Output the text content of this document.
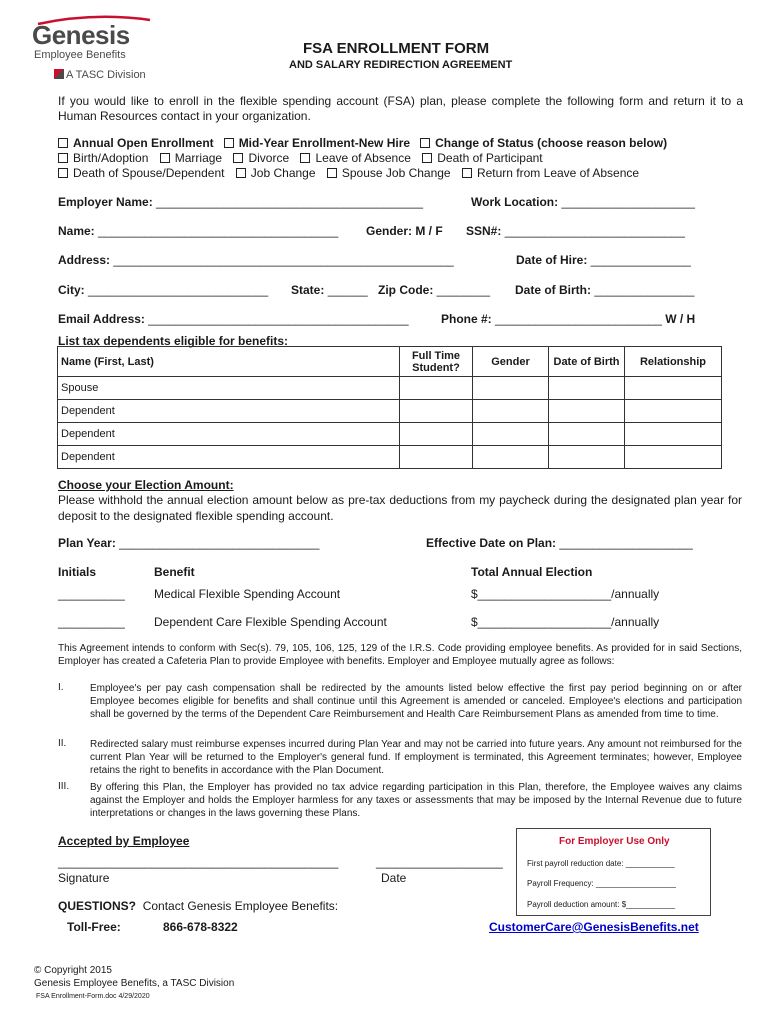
Genesis
Employee Benefits
A TASC Division
FSA ENROLLMENT FORM
AND SALARY REDIRECTION AGREEMENT
If you would like to enroll in the flexible spending account (FSA) plan, please complete the following form and return it to a Human Resources contact in your organization.
Annual Open Enrollment Mid-Year Enrollment-New Hire Change of Status (choose reason below)
Birth/Adoption Marriage Divorce Leave of Absence Death of Participant
Death of Spouse/Dependent Job Change Spouse Job Change Return from Leave of Absence
Employer Name: ________________________________________	Work Location: ____________________
Name: ____________________________________ Gender: M / F SSN#: ___________________________
Address: ___________________________________________________	Date of Hire: _______________
City: ___________________________ State: ______ Zip Code: ________ Date of Birth: _______________
Email Address: _______________________________________	Phone #: _________________________ W / H
List tax dependents eligible for benefits:
Name (First, Last)	Full Time Student?	Gender	Date of Birth	Relationship
Spouse				
Dependent				
Dependent				
Dependent				
Choose your Election Amount:
Please withhold the annual election amount below as pre-tax deductions from my paycheck during the designated plan year for deposit to the designated flexible spending account.
Plan Year: ______________________________	Effective Date on Plan: ____________________
Initials	Benefit	Total Annual Election
__________ Medical Flexible Spending Account	$____________________/annually
__________ Dependent Care Flexible Spending Account	$____________________/annually
This Agreement intends to conform with Sec(s). 79, 105, 106, 125, 129 of the I.R.S. Code providing employee benefits. As provided for in said Sections, Employer has created a Cafeteria Plan to provide Employee with benefits. Employer and Employee mutually agree as follows:
I.	Employee's per pay cash compensation shall be redirected by the amounts listed below effective the first pay period beginning on or after Employee becomes eligible for benefits and shall continue until this Agreement is amended or canceled. Employee's elections and participation shall be governed by the terms of the Dependent Care Reimbursement and Health Care Reimbursement Plans as amended from time to time.
II. Redirected salary must reimburse expenses incurred during Plan Year and may not be carried into future years. Any amount not reimbursed for the current Plan Year will be returned to the Employer's general fund. If employment is terminated, this Agreement terminates; however, Employee retains the right to benefits in accordance with the Plan Document.
III. By offering this Plan, the Employer has provided no tax advice regarding participation in this Plan, therefore, the Employee waives any claims against the Employer and holds the Employer harmless for any taxes or assessments that may be imposed by the Internal Revenue due to future interpretations or changes in the laws governing these Plans.
Accepted by Employee
__________________________________________	___________________
Signature	Date
For Employer Use Only
First payroll reduction date: ___________
Payroll Frequency: __________________
Payroll deduction amount: $___________
QUESTIONS? Contact Genesis Employee Benefits:
Toll-Free:	866-678-8322	CustomerCare@GenesisBenefits.net
© Copyright 2015
Genesis Employee Benefits, a TASC Division
FSA Enrollment-Form.doc 4/29/2020
